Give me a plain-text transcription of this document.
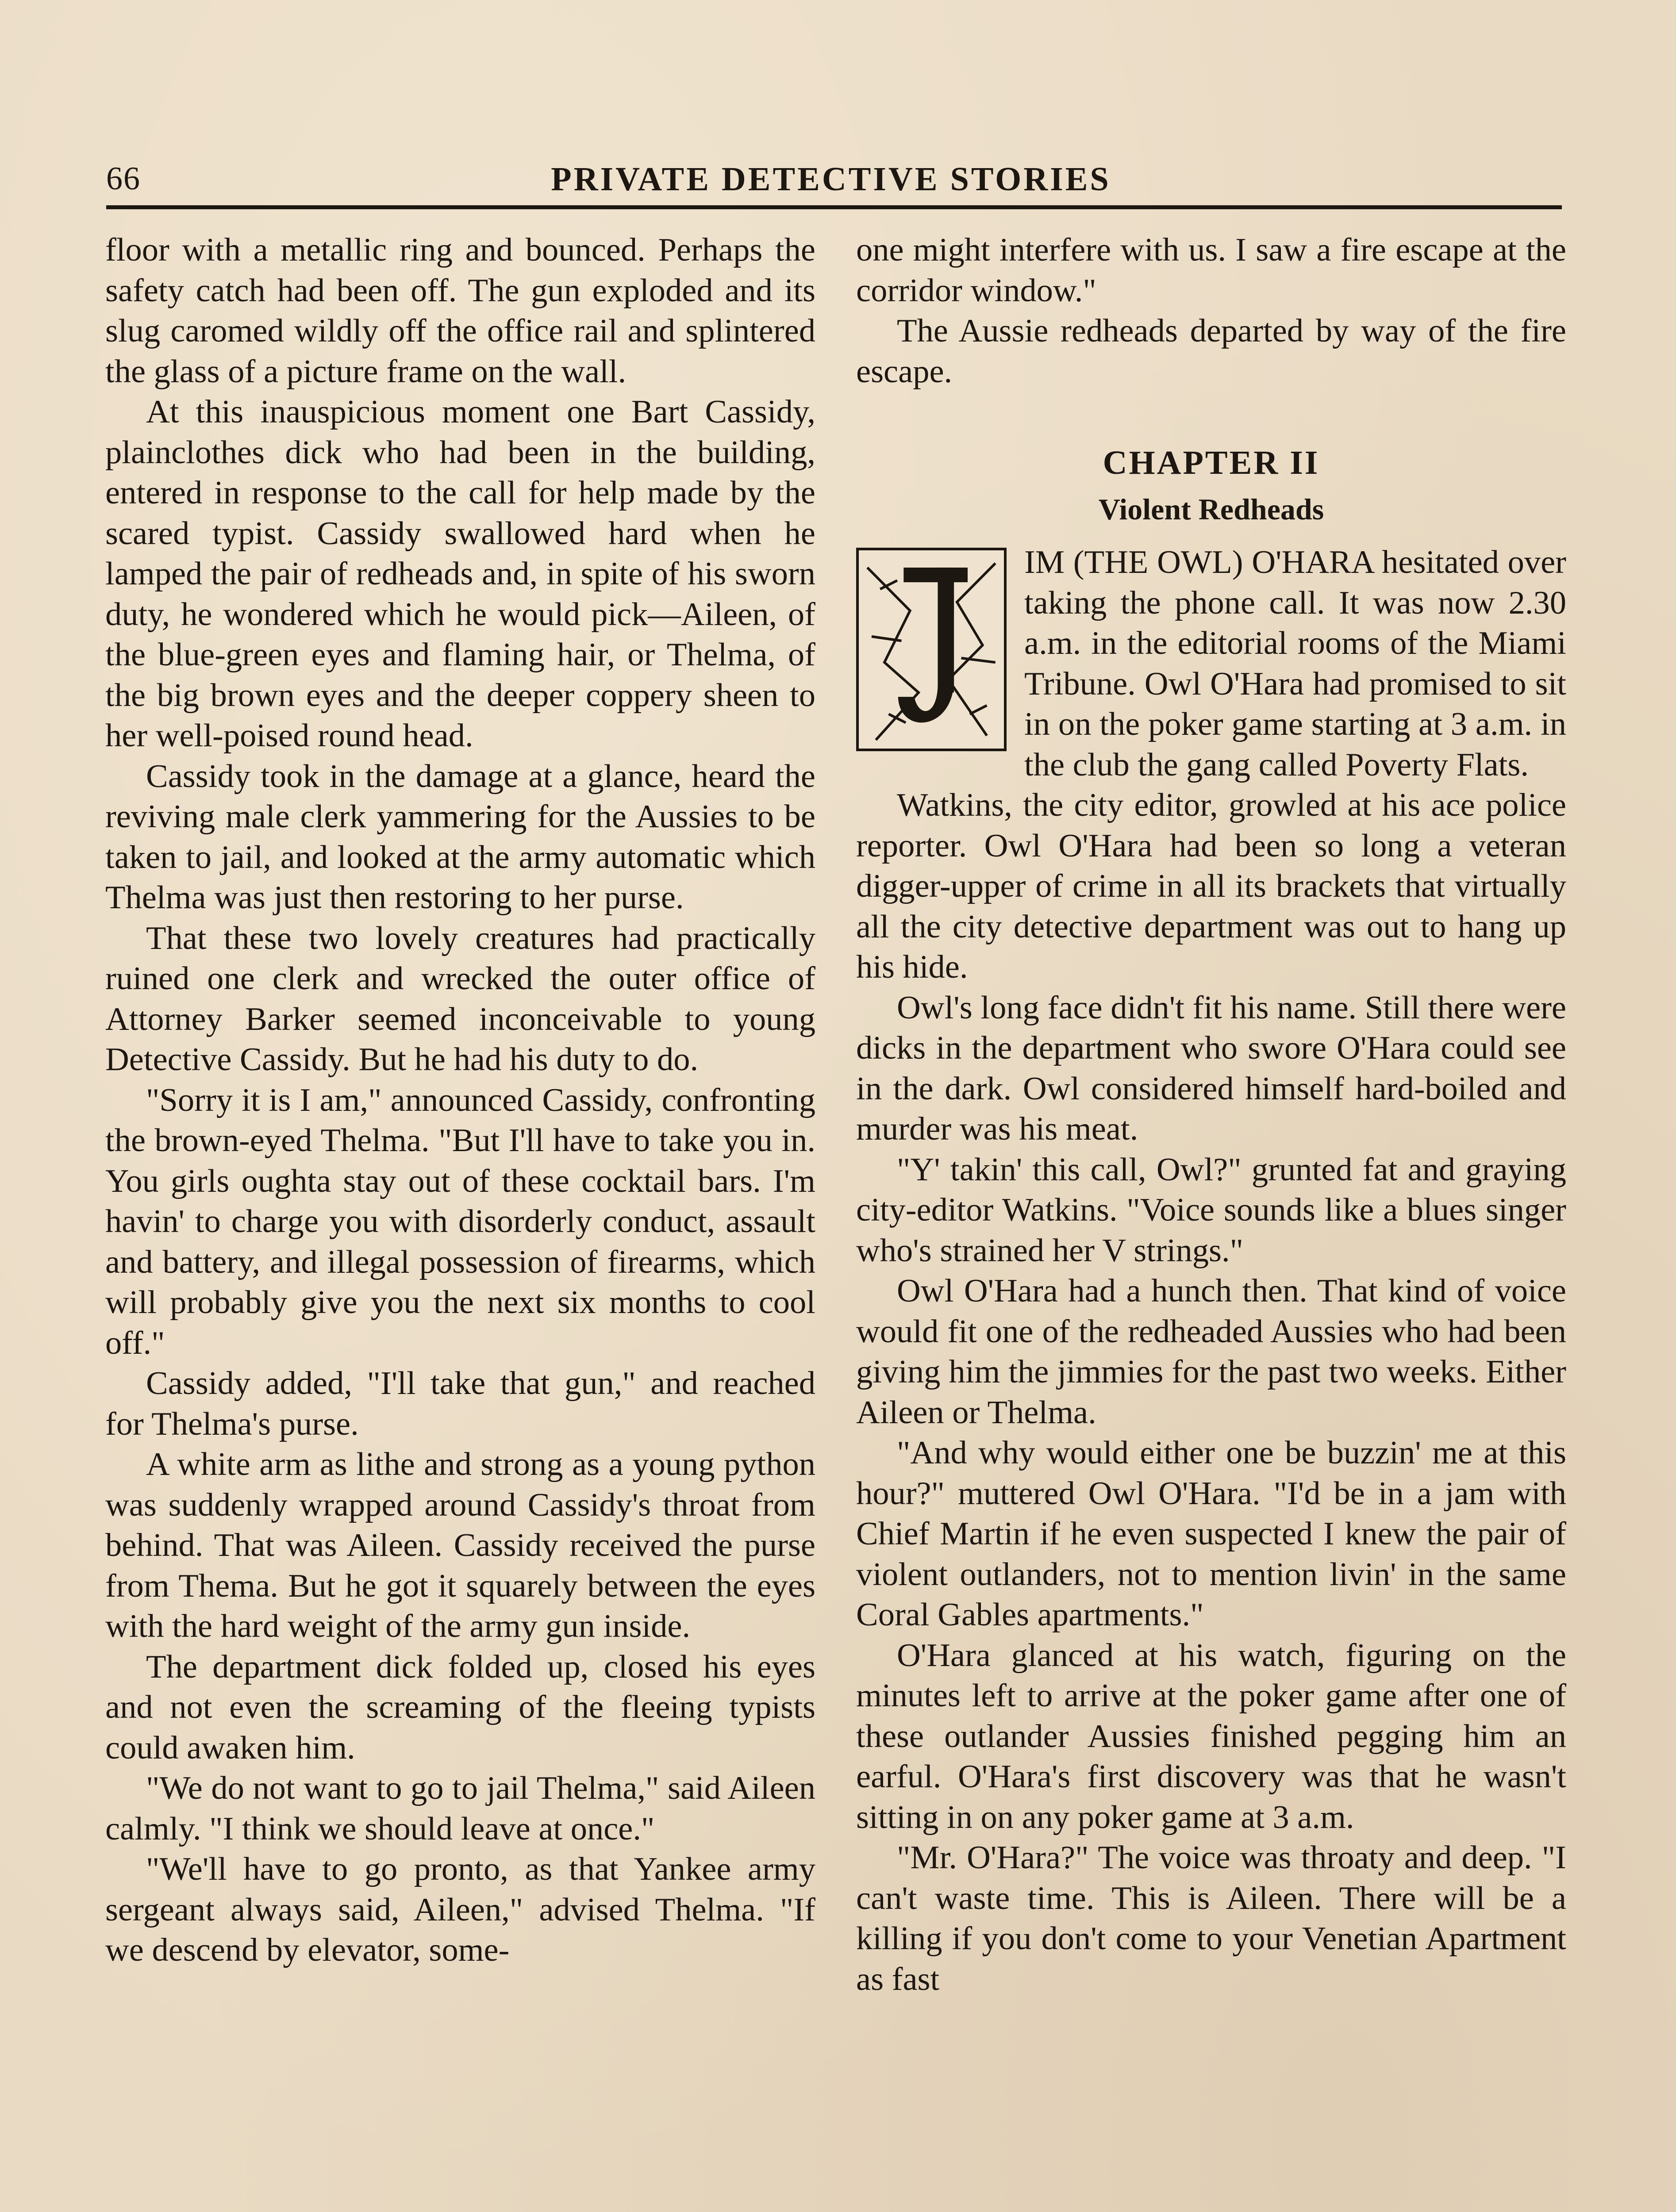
66	PRIVATE DETECTIVE STORIES

floor with a metallic ring and bounced. Perhaps the safety catch had been off. The gun exploded and its slug caromed wildly off the office rail and splintered the glass of a picture frame on the wall.

At this inauspicious moment one Bart Cassidy, plainclothes dick who had been in the building, entered in response to the call for help made by the scared typist. Cassidy swallowed hard when he lamped the pair of redheads and, in spite of his sworn duty, he wondered which he would pick—Aileen, of the blue-green eyes and flaming hair, or Thelma, of the big brown eyes and the deeper coppery sheen to her well-poised round head.

Cassidy took in the damage at a glance, heard the reviving male clerk yammering for the Aussies to be taken to jail, and looked at the army automatic which Thelma was just then restoring to her purse.

That these two lovely creatures had practically ruined one clerk and wrecked the outer office of Attorney Barker seemed inconceivable to young Detective Cassidy. But he had his duty to do.

"Sorry it is I am," announced Cassidy, confronting the brown-eyed Thelma. "But I'll have to take you in. You girls oughta stay out of these cocktail bars. I'm havin' to charge you with disorderly conduct, assault and battery, and illegal possession of firearms, which will probably give you the next six months to cool off."

Cassidy added, "I'll take that gun," and reached for Thelma's purse.

A white arm as lithe and strong as a young python was suddenly wrapped around Cassidy's throat from behind. That was Aileen. Cassidy received the purse from Thema. But he got it squarely between the eyes with the hard weight of the army gun inside.

The department dick folded up, closed his eyes and not even the screaming of the fleeing typists could awaken him.

"We do not want to go to jail Thelma," said Aileen calmly. "I think we should leave at once."

"We'll have to go pronto, as that Yankee army sergeant always said, Aileen," advised Thelma. "If we descend by elevator, some-

one might interfere with us. I saw a fire escape at the corridor window."

The Aussie redheads departed by way of the fire escape.

CHAPTER II
Violent Redheads

IM (THE OWL) O'HARA hesitated over taking the phone call. It was now 2.30 a.m. in the editorial rooms of the Miami Tribune. Owl O'Hara had promised to sit in on the poker game starting at 3 a.m. in the club the gang called Poverty Flats.

Watkins, the city editor, growled at his ace police reporter. Owl O'Hara had been so long a veteran digger-upper of crime in all its brackets that virtually all the city detective department was out to hang up his hide.

Owl's long face didn't fit his name. Still there were dicks in the department who swore O'Hara could see in the dark. Owl considered himself hard-boiled and murder was his meat.

"Y' takin' this call, Owl?" grunted fat and graying city-editor Watkins. "Voice sounds like a blues singer who's strained her V strings."

Owl O'Hara had a hunch then. That kind of voice would fit one of the redheaded Aussies who had been giving him the jimmies for the past two weeks. Either Aileen or Thelma.

"And why would either one be buzzin' me at this hour?" muttered Owl O'Hara. "I'd be in a jam with Chief Martin if he even suspected I knew the pair of violent outlanders, not to mention livin' in the same Coral Gables apartments."

O'Hara glanced at his watch, figuring on the minutes left to arrive at the poker game after one of these outlander Aussies finished pegging him an earful. O'Hara's first discovery was that he wasn't sitting in on any poker game at 3 a.m.

"Mr. O'Hara?" The voice was throaty and deep. "I can't waste time. This is Aileen. There will be a killing if you don't come to your Venetian Apartment as fast
